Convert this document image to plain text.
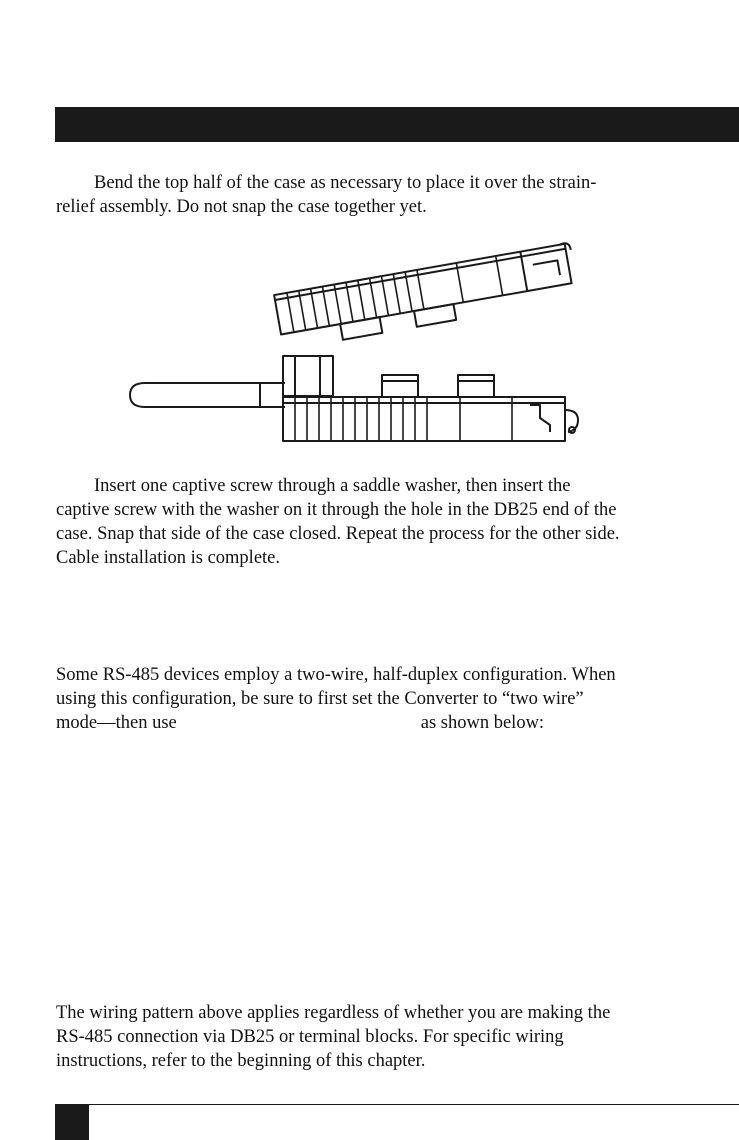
Bend the top half of the case as necessary to place it over the strain-
relief assembly. Do not snap the case together yet.

Insert one captive screw through a saddle washer, then insert the
captive screw with the washer on it through the hole in the DB25 end of the
case. Snap that side of the case closed. Repeat the process for the other side.
Cable installation is complete.

Some RS-485 devices employ a two-wire, half-duplex configuration. When
using this configuration, be sure to first set the Converter to “two wire”
mode—then use	as shown below:

The wiring pattern above applies regardless of whether you are making the
RS-485 connection via DB25 or terminal blocks. For specific wiring
instructions, refer to the beginning of this chapter.
